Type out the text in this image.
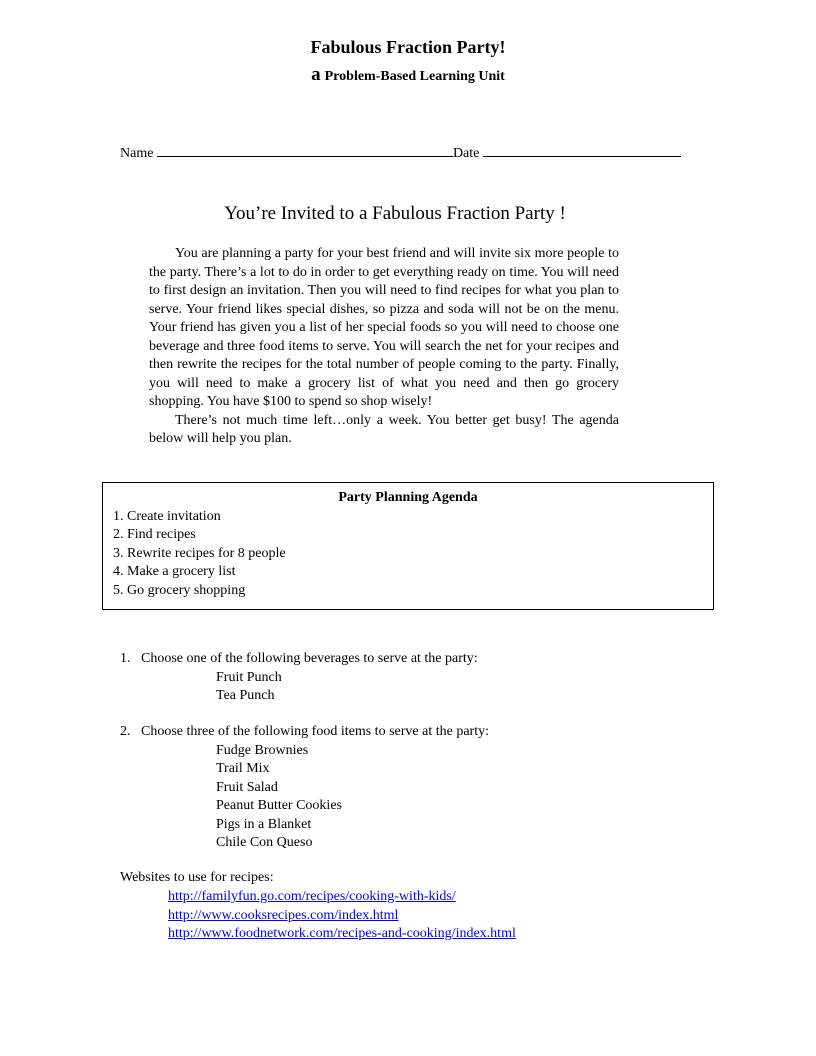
Fabulous Fraction Party!
a Problem-Based Learning Unit
Name	Date
You’re Invited to a Fabulous Fraction Party !

You are planning a party for your best friend and will invite six more people to the party. There’s a lot to do in order to get everything ready on time. You will need to first design an invitation. Then you will need to find recipes for what you plan to serve. Your friend likes special dishes, so pizza and soda will not be on the menu. Your friend has given you a list of her special foods so you will need to choose one beverage and three food items to serve. You will search the net for your recipes and then rewrite the recipes for the total number of people coming to the party. Finally, you will need to make a grocery list of what you need and then go grocery shopping. You have $100 to spend so shop wisely!

There’s not much time left…only a week. You better get busy! The agenda below will help you plan.

Party Planning Agenda
1. Create invitation
2. Find recipes
3. Rewrite recipes for 8 people
4. Make a grocery list
5. Go grocery shopping
1. Choose one of the following beverages to serve at the party:
Fruit Punch
Tea Punch
2. Choose three of the following food items to serve at the party:
Fudge Brownies
Trail Mix
Fruit Salad
Peanut Butter Cookies
Pigs in a Blanket
Chile Con Queso
Websites to use for recipes:
http://familyfun.go.com/recipes/cooking-with-kids/
http://www.cooksrecipes.com/index.html
http://www.foodnetwork.com/recipes-and-cooking/index.html
